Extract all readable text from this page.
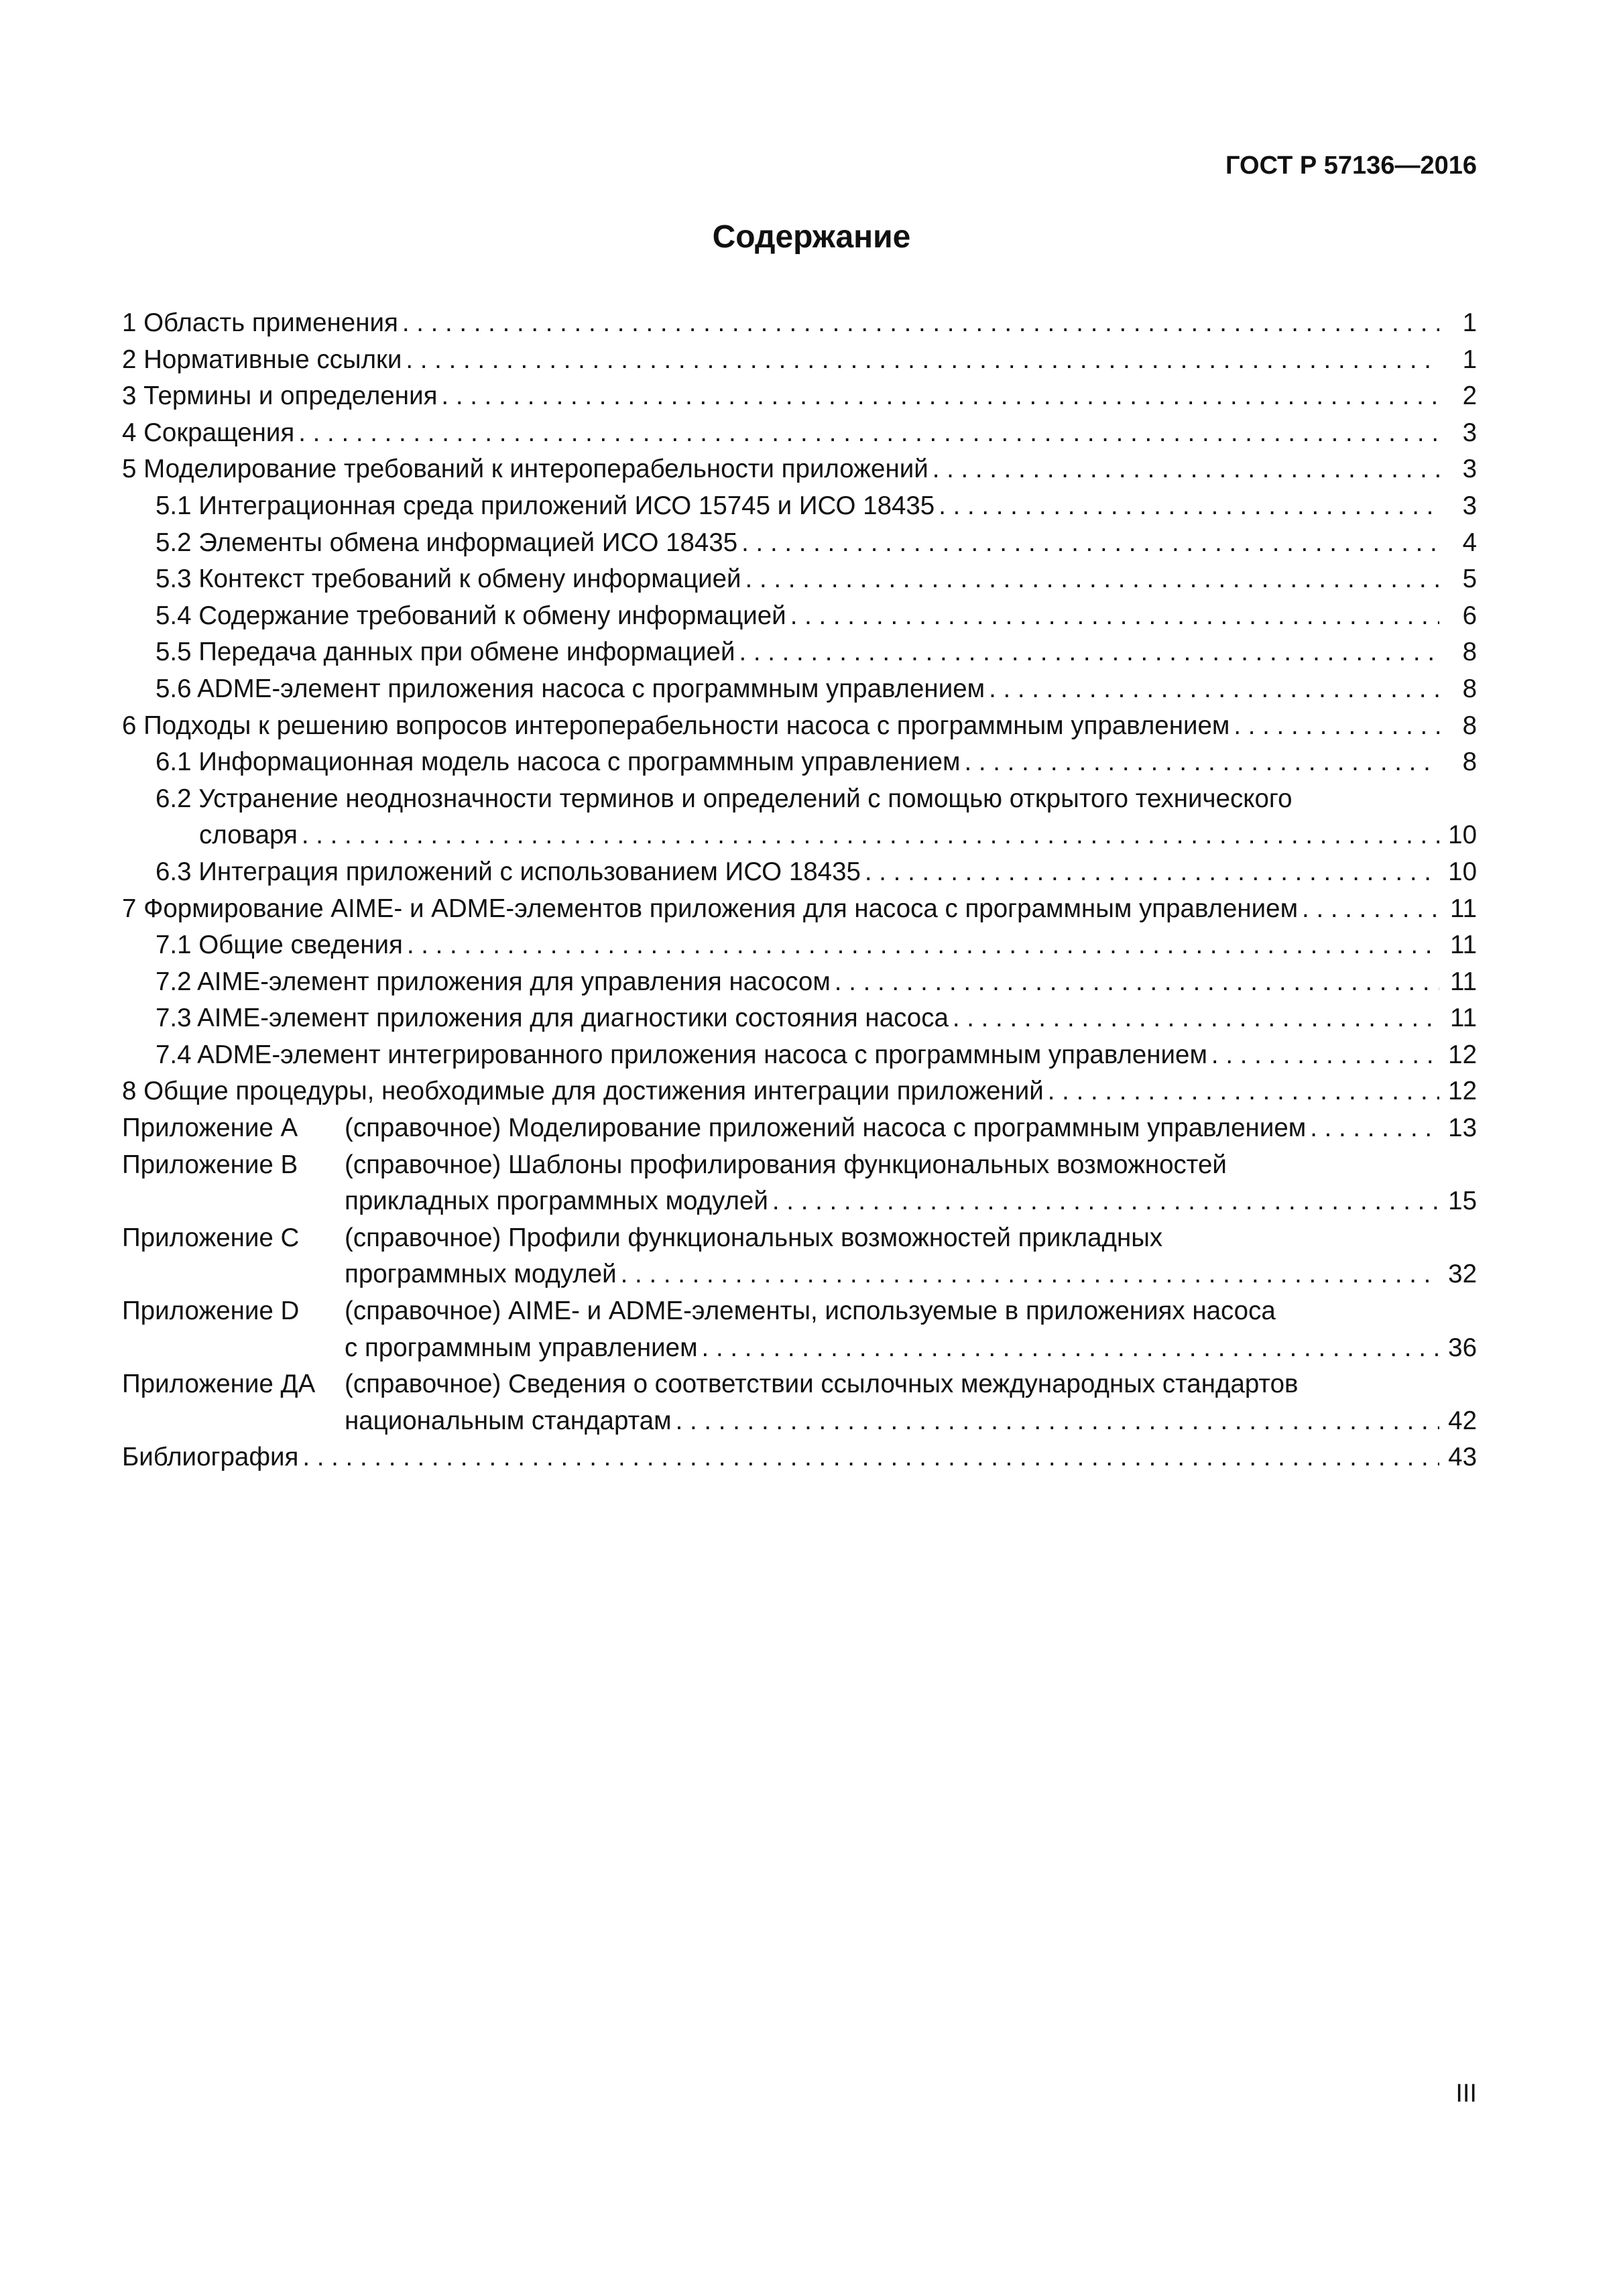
ГОСТ Р 57136—2016
Содержание
1 Область применения . . .	1
2 Нормативные ссылки . . .	1
3 Термины и определения . . .	2
4 Сокращения . . .	3
5 Моделирование требований к интероперабельности приложений . . .	3
5.1 Интеграционная среда приложений ИСО 15745 и ИСО 18435 . . .	3
5.2 Элементы обмена информацией ИСО 18435 . . .	4
5.3 Контекст требований к обмену информацией . . .	5
5.4 Содержание требований к обмену информацией . . .	6
5.5 Передача данных при обмене информацией . . .	8
5.6 ADME-элемент приложения насоса с программным управлением . . .	8
6 Подходы к решению вопросов интероперабельности насоса с программным управлением . . .	8
6.1 Информационная модель насоса с программным управлением . . .	8
6.2 Устранение неоднозначности терминов и определений с помощью открытого технического
словаря . . .	10
6.3 Интеграция приложений с использованием ИСО 18435 . . .	10
7 Формирование AIME- и ADME-элементов приложения для насоса с программным управлением . . .	11
7.1 Общие сведения . . .	11
7.2 AIME-элемент приложения для управления насосом . . .	11
7.3 AIME-элемент приложения для диагностики состояния насоса . . .	11
7.4 ADME-элемент интегрированного приложения насоса с программным управлением . . .	12
8 Общие процедуры, необходимые для достижения интеграции приложений . . .	12
Приложение А (справочное) Моделирование приложений насоса с программным управлением . . .	13
Приложение В (справочное) Шаблоны профилирования функциональных возможностей
прикладных программных модулей . . .	15
Приложение С (справочное) Профили функциональных возможностей прикладных
программных модулей . . .	32
Приложение D (справочное) AIME- и ADME-элементы, используемые в приложениях насоса
с программным управлением . . .	36
Приложение ДА (справочное) Сведения о соответствии ссылочных международных стандартов
национальным стандартам . . .	42
Библиография . . .	43
III
